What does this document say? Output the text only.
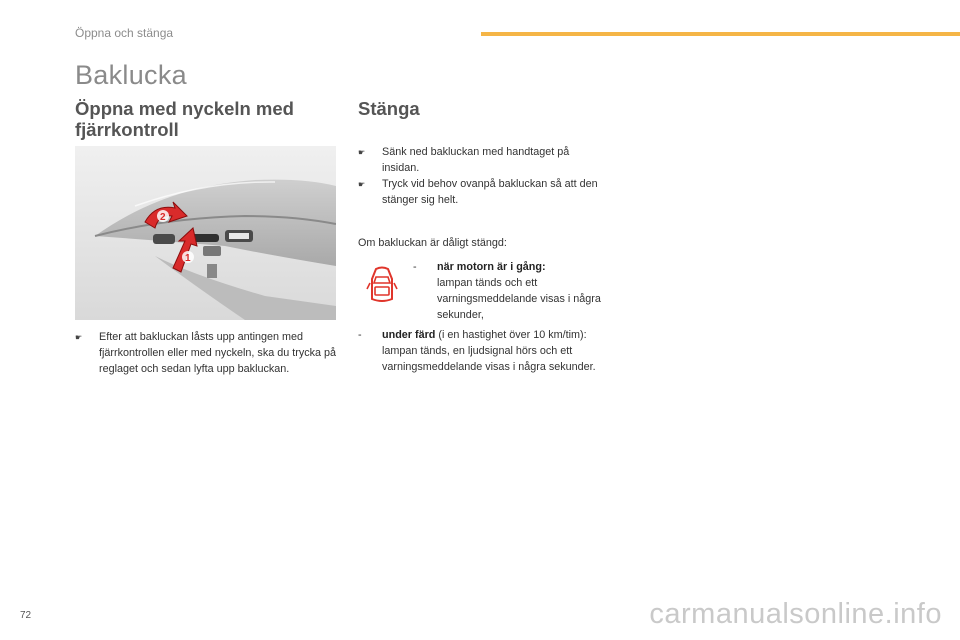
Öppna och stänga
Baklucka
Öppna med nyckeln med fjärrkontroll
Stänga
1
2
☛	Efter att bakluckan låsts upp antingen med fjärrkontrollen eller med nyckeln, ska du trycka på reglaget och sedan lyfta upp bakluckan.
☛	Sänk ned bakluckan med handtaget på insidan.
☛	Tryck vid behov ovanpå bakluckan så att den stänger sig helt.
Om bakluckan är dåligt stängd:
-	när motorn är i gång:
lampan tänds och ett varningsmeddelande visas i några sekunder,
-	under färd (i en hastighet över 10 km/tim): lampan tänds, en ljudsignal hörs och ett varningsmeddelande visas i några sekunder.
72	carmanualsonline.info
